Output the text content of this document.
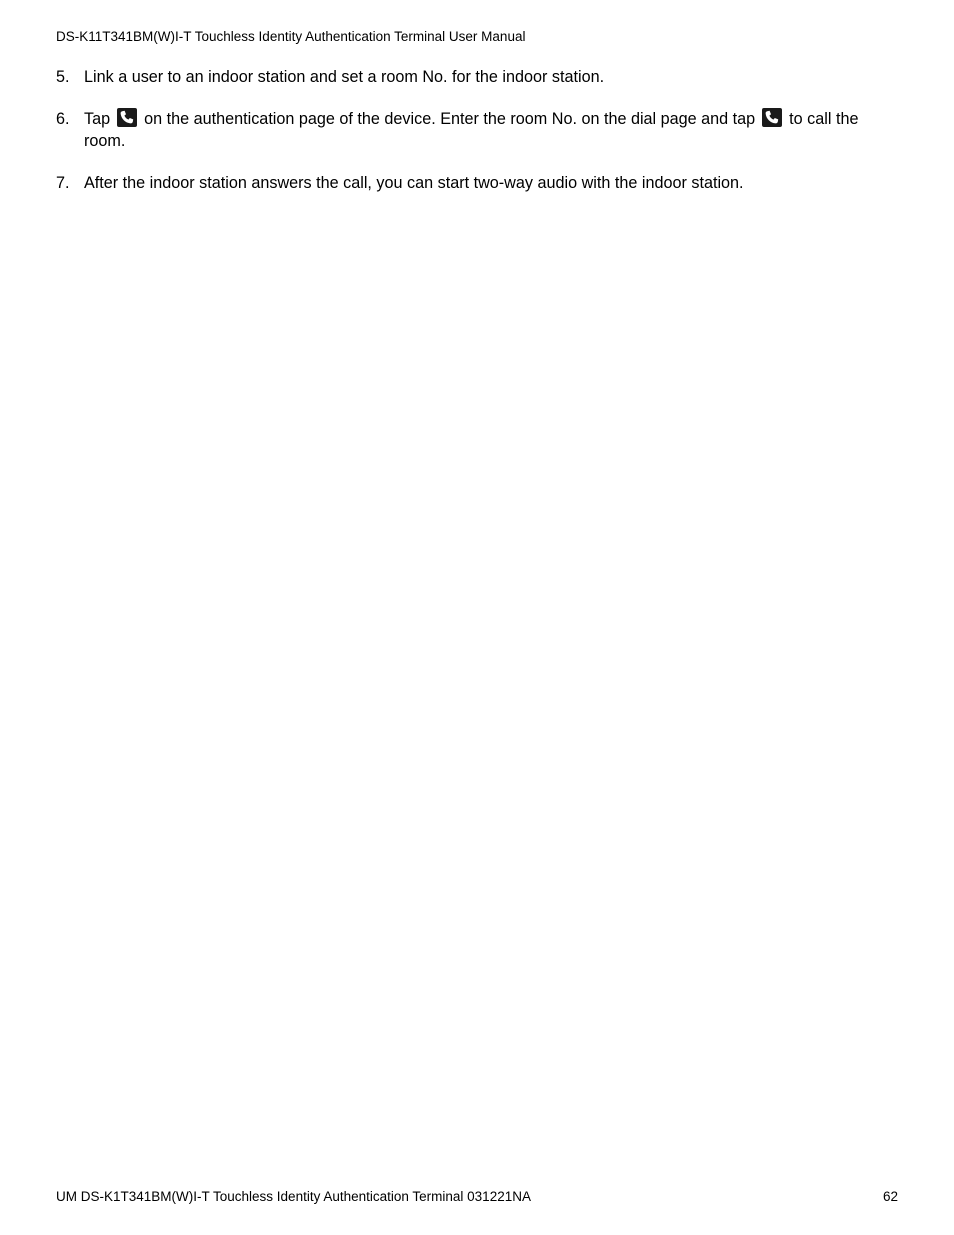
DS-K11T341BM(W)I-T Touchless Identity Authentication Terminal User Manual
5. Link a user to an indoor station and set a room No. for the indoor station.
6. Tap on the authentication page of the device. Enter the room No. on the dial page and tap to call the room.
7. After the indoor station answers the call, you can start two-way audio with the indoor station.
UM DS-K1T341BM(W)I-T Touchless Identity Authentication Terminal 031221NA	62
